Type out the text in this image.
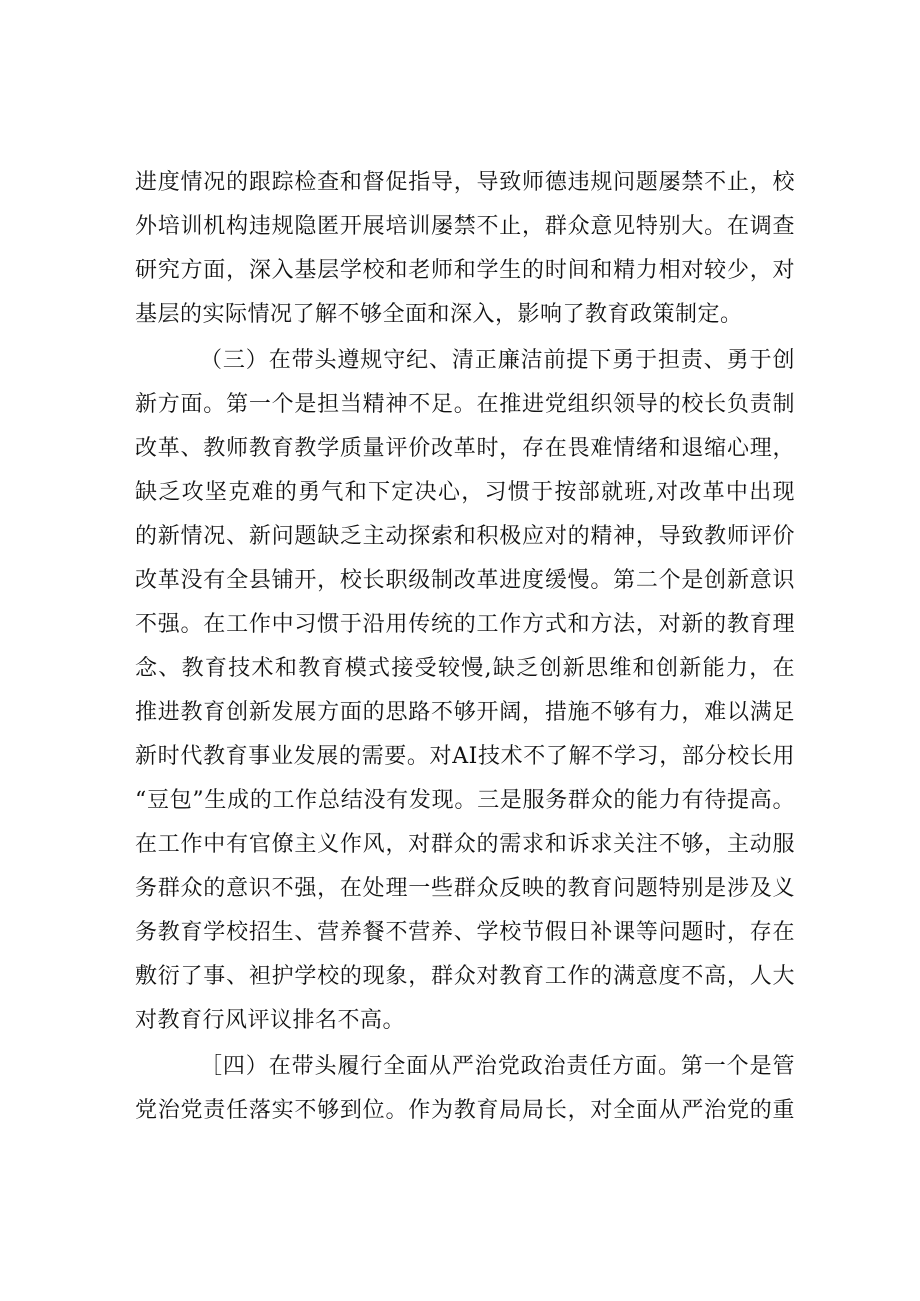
进度情况的跟踪检查和督促指导，导致师德违规问题屡禁不止，校
外培训机构违规隐匿开展培训屡禁不止，群众意见特别大。在调查
研究方面，深入基层学校和老师和学生的时间和精力相对较少，对
基层的实际情况了解不够全面和深入，影响了教育政策制定。
（三）在带头遵规守纪、清正廉洁前提下勇于担责、勇于创
新方面。第一个是担当精神不足。在推进党组织领导的校长负责制
改革、教师教育教学质量评价改革时，存在畏难情绪和退缩心理，
缺乏攻坚克难的勇气和下定决心，习惯于按部就班,对改革中出现
的新情况、新问题缺乏主动探索和积极应对的精神，导致教师评价
改革没有全县铺开，校长职级制改革进度缓慢。第二个是创新意识
不强。在工作中习惯于沿用传统的工作方式和方法，对新的教育理
念、教育技术和教育模式接受较慢,缺乏创新思维和创新能力，在
推进教育创新发展方面的思路不够开阔，措施不够有力，难以满足
新时代教育事业发展的需要。对AI技术不了解不学习，部分校长用
“豆包”生成的工作总结没有发现。三是服务群众的能力有待提高。
在工作中有官僚主义作风，对群众的需求和诉求关注不够，主动服
务群众的意识不强，在处理一些群众反映的教育问题特别是涉及义
务教育学校招生、营养餐不营养、学校节假日补课等问题时，存在
敷衍了事、袒护学校的现象，群众对教育工作的满意度不高，人大
对教育行风评议排名不高。
［四）在带头履行全面从严治党政治责任方面。第一个是管
党治党责任落实不够到位。作为教育局局长，对全面从严治党的重
